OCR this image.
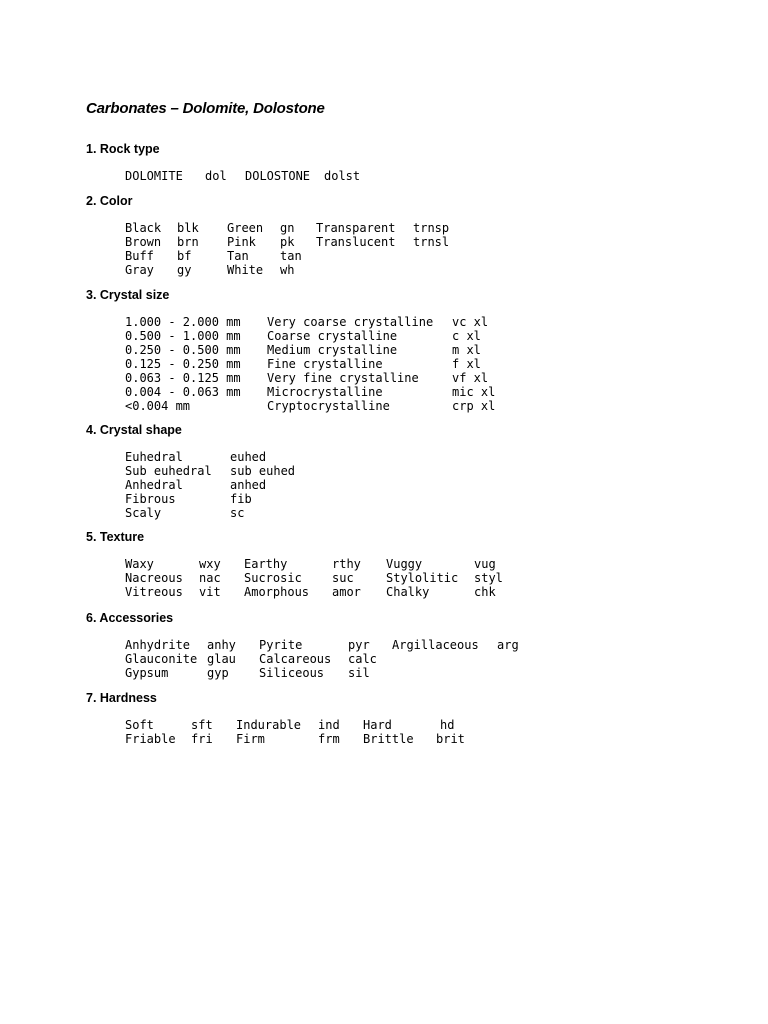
Carbonates – Dolomite, Dolostone
1. Rock type
DOLOMITE dol DOLOSTONE dolst
2. Color
Black blk Green gn Transparent trnsp
Brown brn Pink pk Translucent trnsl
Buff bf	Tan	tan
Gray gy	White wh
3. Crystal size
1.000 - 2.000 mm Very coarse crystalline vc xl
0.500 - 1.000 mm Coarse crystalline	c xl
0.250 - 0.500 mm Medium crystalline	m xl
0.125 - 0.250 mm Fine crystalline	f xl
0.063 - 0.125 mm Very fine crystalline	vf xl
0.004 - 0.063 mm Microcrystalline	mic xl
<0.004 mm	Cryptocrystalline	crp xl
4. Crystal shape
Euhedral	euhed
Sub euhedral sub euhed
Anhedral	anhed
Fibrous	fib
Scaly	sc
5. Texture
Waxy	wxy Earthy	rthy Vuggy	vug
Nacreous nac Sucrosic	suc	Stylolitic styl
Vitreous vit Amorphous amor Chalky	chk
6. Accessories
Anhydrite anhy Pyrite	pyr Argillaceous arg
Glauconite glau Calcareous calc
Gypsum	gyp	Siliceous sil
7. Hardness
Soft	sft Indurable ind Hard	hd
Friable fri Firm	frm Brittle brit
